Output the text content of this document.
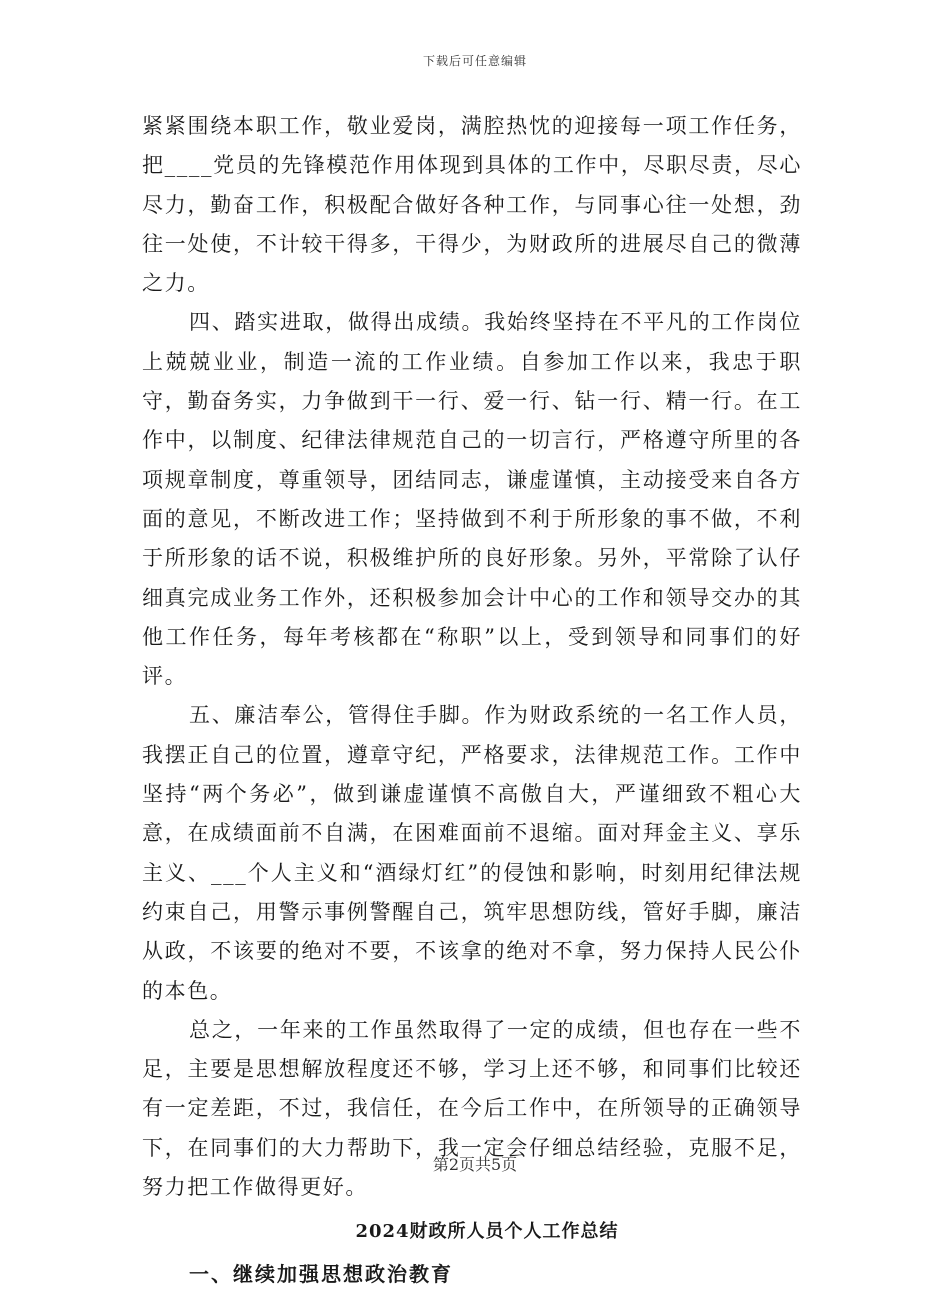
下载后可任意编辑

紧紧围绕本职工作，敬业爱岗，满腔热忱的迎接每一项工作任务，把____党员的先锋模范作用体现到具体的工作中，尽职尽责，尽心尽力，勤奋工作，积极配合做好各种工作，与同事心往一处想，劲往一处使，不计较干得多，干得少，为财政所的进展尽自己的微薄之力。

四、踏实进取，做得出成绩。我始终坚持在不平凡的工作岗位上兢兢业业，制造一流的工作业绩。自参加工作以来，我忠于职守，勤奋务实，力争做到干一行、爱一行、钻一行、精一行。在工作中，以制度、纪律法律规范自己的一切言行，严格遵守所里的各项规章制度，尊重领导，团结同志，谦虚谨慎，主动接受来自各方面的意见，不断改进工作；坚持做到不利于所形象的事不做，不利于所形象的话不说，积极维护所的良好形象。另外，平常除了认仔细真完成业务工作外，还积极参加会计中心的工作和领导交办的其他工作任务，每年考核都在“称职”以上，受到领导和同事们的好评。

五、廉洁奉公，管得住手脚。作为财政系统的一名工作人员，我摆正自己的位置，遵章守纪，严格要求，法律规范工作。工作中坚持“两个务必”，做到谦虚谨慎不高傲自大，严谨细致不粗心大意，在成绩面前不自满，在困难面前不退缩。面对拜金主义、享乐主义、___个人主义和“酒绿灯红”的侵蚀和影响，时刻用纪律法规约束自己，用警示事例警醒自己，筑牢思想防线，管好手脚，廉洁从政，不该要的绝对不要，不该拿的绝对不拿，努力保持人民公仆的本色。

总之，一年来的工作虽然取得了一定的成绩，但也存在一些不足，主要是思想解放程度还不够，学习上还不够，和同事们比较还有一定差距，不过，我信任，在今后工作中，在所领导的正确领导下，在同事们的大力帮助下，我一定会仔细总结经验，克服不足，努力把工作做得更好。

2024财政所人员个人工作总结
一、继续加强思想政治教育
第2页共5页
